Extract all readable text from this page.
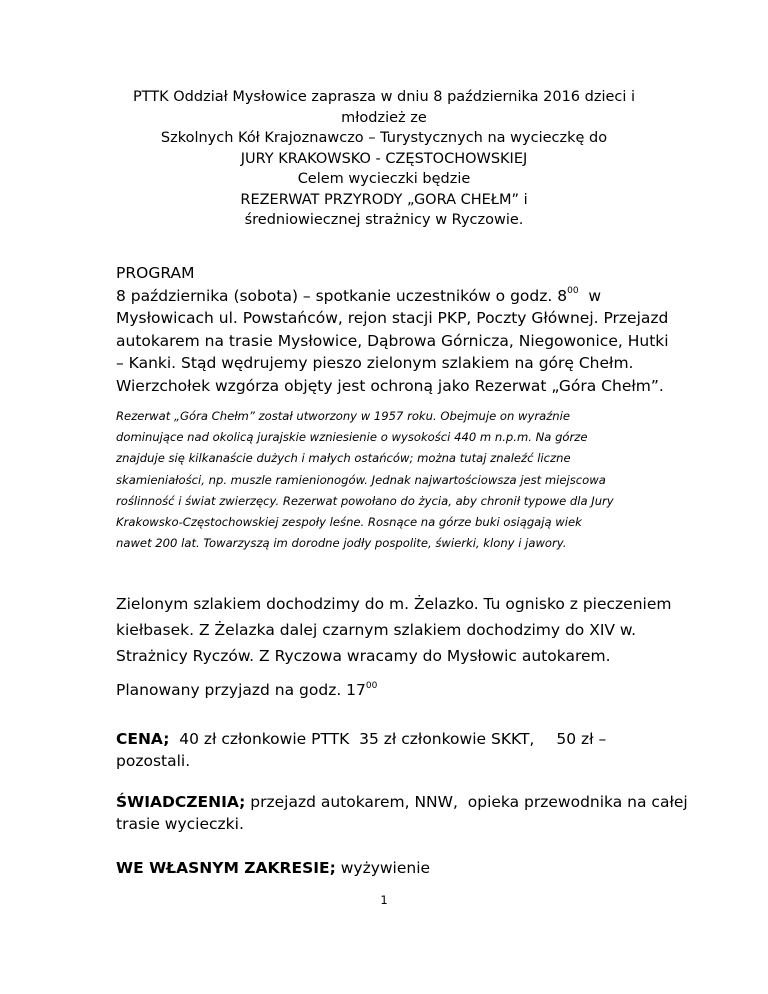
PTTK Oddział Mysłowice zaprasza w dniu 8 października 2016 dzieci i
młodzież ze
Szkolnych Kół Krajoznawczo – Turystycznych na wycieczkę do
JURY KRAKOWSKO - CZĘSTOCHOWSKIEJ
Celem wycieczki będzie
REZERWAT PRZYRODY „GORA CHEŁM” i
średniowiecznej strażnicy w Ryczowie.
PROGRAM
8 października (sobota) – spotkanie uczestników o godz. $8^{00}$  w
Mysłowicach ul. Powstańców, rejon stacji PKP, Poczty Głównej. Przejazd
autokarem na trasie Mysłowice, Dąbrowa Górnicza, Niegowonice, Hutki
– Kanki. Stąd wędrujemy pieszo zielonym szlakiem na górę Chełm.
Wierzchołek wzgórza objęty jest ochroną jako Rezerwat „Góra Chełm”.
Rezerwat „Góra Chełm” został utworzony w 1957 roku. Obejmuje on wyraźnie
dominujące nad okolicą jurajskie wzniesienie o wysokości 440 m n.p.m. Na górze
znajduje się kilkanaście dużych i małych ostańców; można tutaj znaleźć liczne
skamieniałości, np. muszle ramienionogów. Jednak najwartościowsza jest miejscowa
roślinność i świat zwierzęcy. Rezerwat powołano do życia, aby chronił typowe dla Jury
Krakowsko-Częstochowskiej zespoły leśne. Rosnące na górze buki osiągają wiek
nawet 200 lat. Towarzyszą im dorodne jodły pospolite, świerki, klony i jawory.
Zielonym szlakiem dochodzimy do m. Żelazko. Tu ognisko z pieczeniem
kiełbasek. Z Żelazka dalej czarnym szlakiem dochodzimy do XIV w.
Strażnicy Ryczów. Z Ryczowa wracamy do Mysłowic autokarem.
Planowany przyjazd na godz. $17^{00}$
CENA;  40 zł członkowie PTTK  35 zł członkowie SKKT, 50 zł –
pozostali.
ŚWIADCZENIA; przejazd autokarem, NNW,  opieka przewodnika na całej
trasie wycieczki.
WE WŁASNYM ZAKRESIE; wyżywienie
1
